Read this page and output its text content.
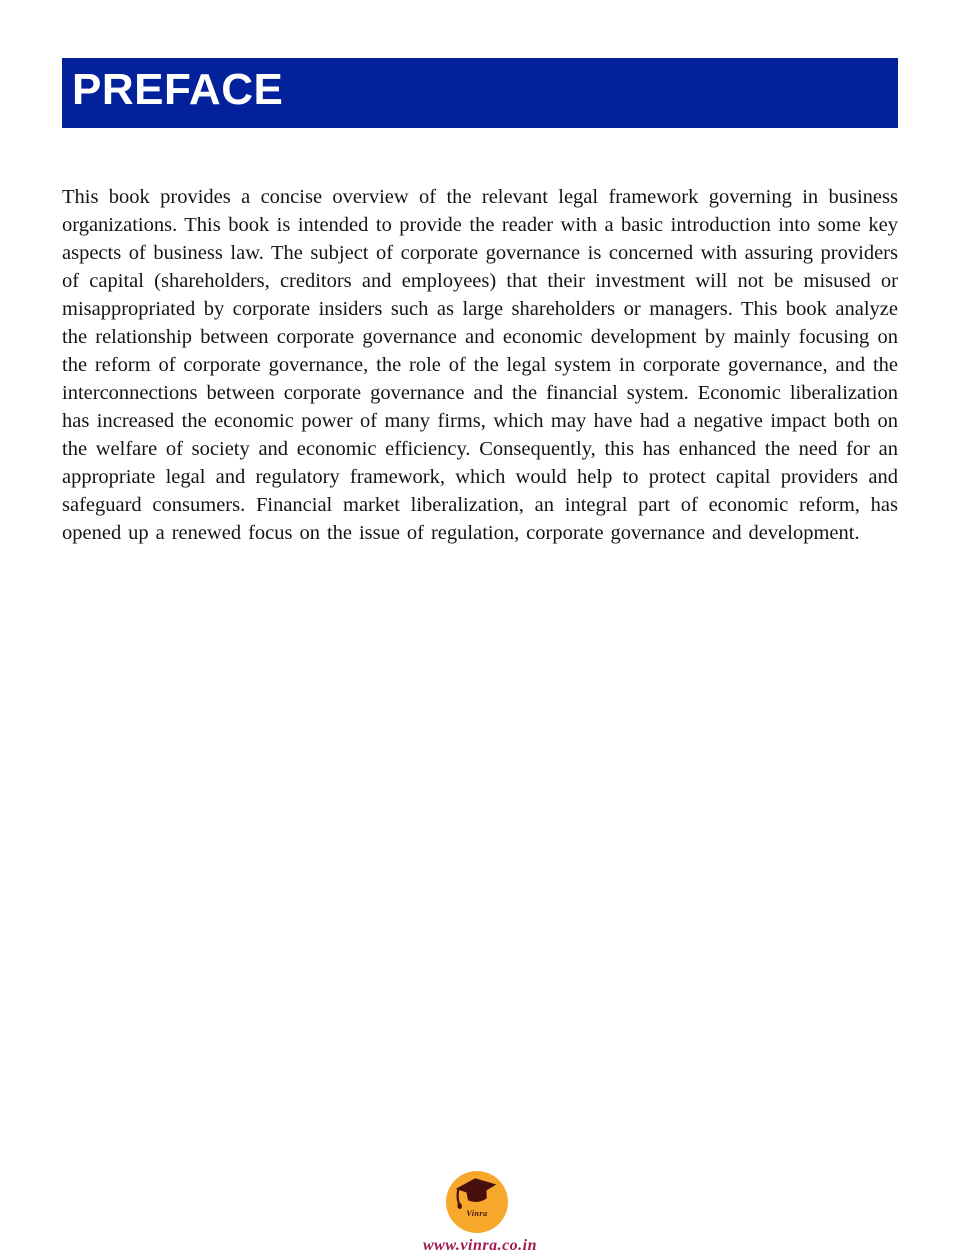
PREFACE

This book provides a concise overview of the relevant legal framework governing in business organizations. This book is intended to provide the reader with a basic introduction into some key aspects of business law. The subject of corporate governance is concerned with assuring providers of capital (shareholders, creditors and employees) that their investment will not be misused or misappropriated by corporate insiders such as large shareholders or managers. This book analyze the relationship between corporate governance and economic development by mainly focusing on the reform of corporate governance, the role of the legal system in corporate governance, and the interconnections between corporate governance and the financial system. Economic liberalization has increased the economic power of many firms, which may have had a negative impact both on the welfare of society and economic efficiency. Consequently, this has enhanced the need for an appropriate legal and regulatory framework, which would help to protect capital providers and safeguard consumers. Financial market liberalization, an integral part of economic reform, has opened up a renewed focus on the issue of regulation, corporate governance and development.

Vinra
www.vinra.co.in
